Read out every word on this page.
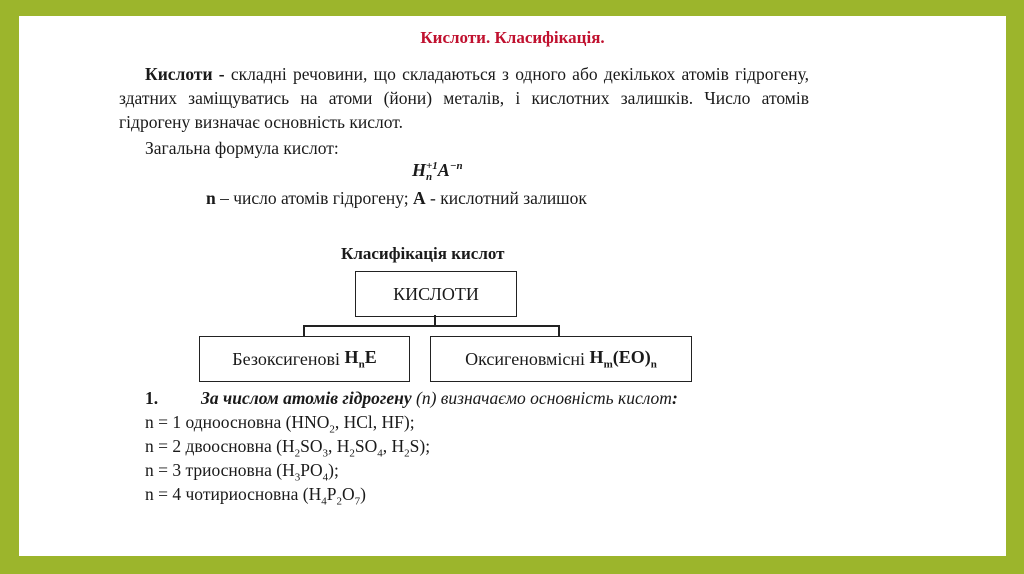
Кислоти. Класифікація.
Кислоти - складні речовини, що складаються з одного або декількох атомів гідрогену, здатних заміщуватись на атоми (йони) металів, і кислотних залишків. Число атомів гідрогену визначає основність кислот.
Загальна формула кислот:
H +1
n $A^{-n}$
n – число атомів гідрогену; А - кислотний залишок
Класифікація кислот
КИСЛОТИ
Безоксигенові
$H_nE$	Оксигеновмісні
$H_m(EO)_n$
1. За числом атомів гідрогену (n) визначаємо основність кислот:
n = 1 одноосновна ($HNO_2$, HCl, HF);
n = 2 двоосновна ($H_2SO_3$, $H_2SO_4$, $H_2S$);
n = 3 триосновна $(H_3PO_4)$;
n = 4 чотириосновна $(H_4P_2O_7)$
